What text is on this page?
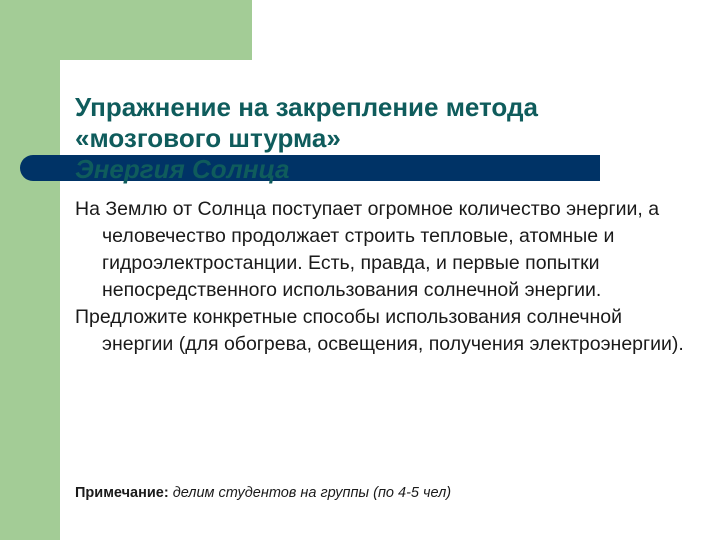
Упражнение на закрепление метода
«мозгового штурма»
Энергия Солнца

На Землю от Солнца поступает огромное количество энергии, а человечество продолжает строить тепловые, атомные и гидроэлектростанции. Есть, правда, и первые попытки непосредственного использования солнечной энергии.

Предложите конкретные способы использования солнечной энергии (для обогрева, освещения, получения электроэнергии).

Примечание: делим студентов на группы (по 4-5 чел)
